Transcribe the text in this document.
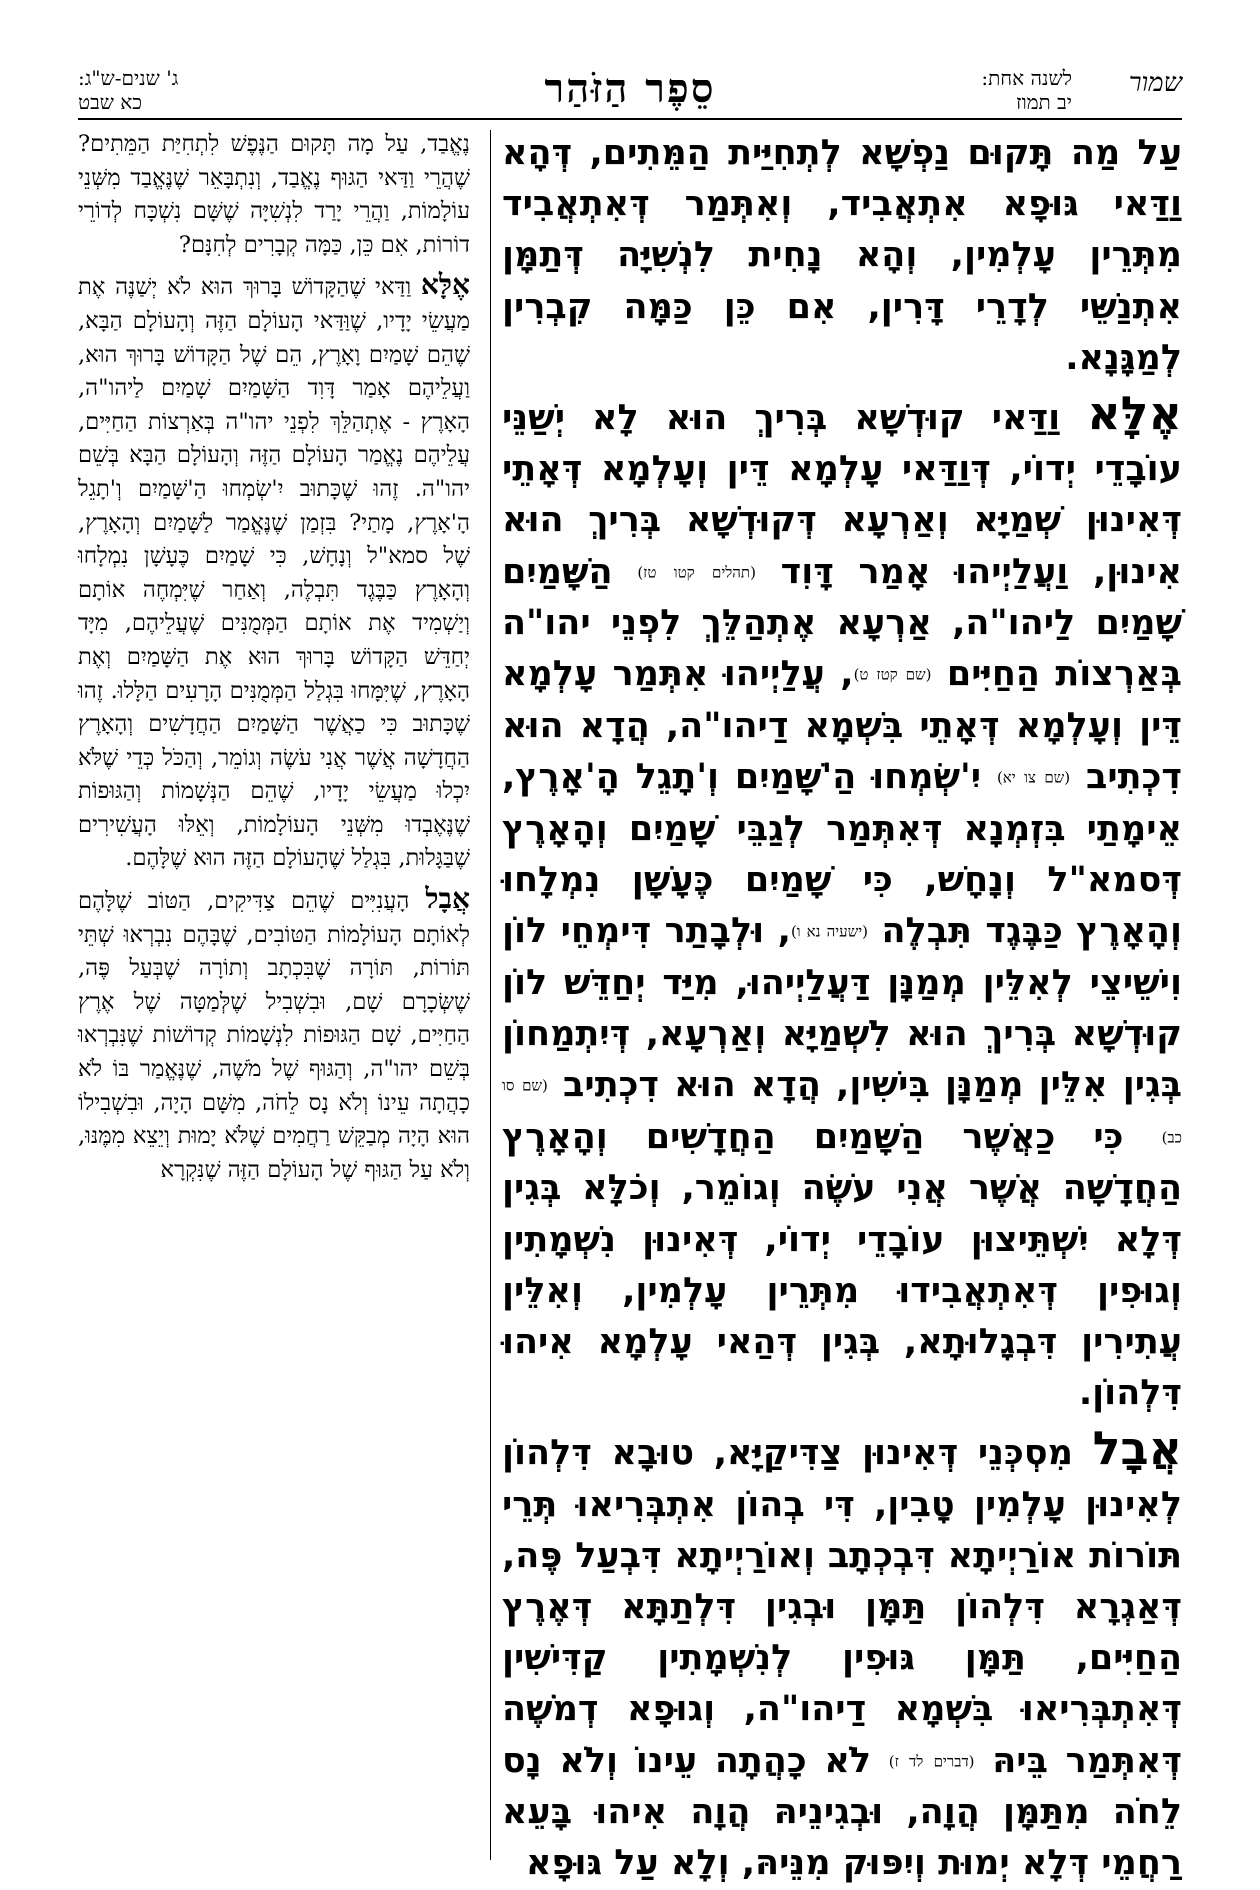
שמור
לשנה אחת:
יב תמוז
סֵפֶר הַזֹּהַר
ג' שנים-ש"ג:
כא שבט

עַל מַה תָּקוּם נַפְשָׁא לְתְחִיַּית הַמֵּתִים, דְּהָא וַדַּאי גּוּפָא אִתְאֲבִיד, וְאִתְּמַר דְּאִתְאֲבִיד מִתְּרֵין עָלְמִין, וְהָא נָחִית לִנְשִׁיָּה דְּתַמָּן אִתְנַשֵּׁי לְדָרֵי דָּרִין, אִם כֵּן כַּמָּה קִבְרִין לְמַגָּנָא.

אֶלָּא וַדַּאי קוּדְשָׁא בְּרִיךְ הוּא לָא יְשַׁנֵּי עוֹבָדֵי יְדוֹי, דְּוַדַּאי עָלְמָא דֵּין וְעָלְמָא דְּאָתֵי דְּאִינוּן שְׁמַיָּא וְאַרְעָא דְּקוּדְשָׁא בְּרִיךְ הוּא אִינוּן, וַעֲלַיְיהוּ אָמַר דָּוִד (תהלים קטו טז) הַשָּׁמַיִם שָׁמַיִם לַיהו"ה, אַרְעָא אֶתְהַלֵּךְ לִפְנֵי יהו"ה בְּאַרְצוֹת הַחַיִּים (שם קטז ט), עֲלַיְיהוּ אִתְּמַר עָלְמָא דֵּין וְעָלְמָא דְּאָתֵי בִּשְׁמָא דַיהו"ה, הֲדָא הוּא דִכְתִיב (שם צו יא) יִ'שְׂמְחוּ הַ'שָּׁמַיִם וְ'תָגֵל הָ'אָרֶץ, אֵימָתַי בִּזְמְנָא דְּאִתְּמַר לְגַבֵּי שָׁמַיִם וְהָאָרֶץ דְּסמא"ל וְנָחָשׁ, כִּי שָׁמַיִם כֶּעָשָׁן נִמְלָחוּ וְהָאָרֶץ כַּבֶּגֶד תִּבְלֶה (ישעיה נא ו), וּלְבָתַר דִּימְחֵי לוֹן וִישֵׁיצֵי לְאִלֵּין מְמַנָּן דַּעֲלַיְיהוּ, מִיַּד יְחַדֵּשׁ לוֹן קוּדְשָׁא בְּרִיךְ הוּא לִשְׁמַיָּא וְאַרְעָא, דְּיִתְמַחוֹן בְּגִין אִלֵּין מְמַנָּן בִּישִׁין, הֲדָא הוּא דִכְתִיב (שם סו כב) כִּי כַאֲשֶׁר הַשָּׁמַיִם הַחֲדָשִׁים וְהָאָרֶץ הַחֲדָשָׁה אֲשֶׁר אֲנִי עֹשֶׂה וְגוֹמֵר, וְכֹלָּא בְּגִין דְּלָא יִשְׁתֵּיצוּן עוֹבָדֵי יְדוֹי, דְּאִינוּן נִשְׁמָתִין וְגוּפִין דְּאִתְאֲבִידוּ מִתְּרֵין עָלְמִין, וְאִלֵּין עֲתִירִין דִּבְגָלוּתָא, בְּגִין דְּהַאי עָלְמָא אִיהוּ דִּלְהוֹן.

אֲבָל מִסְכְּנֵי דְּאִינוּן צַדִּיקַיָּא, טוּבָא דִּלְהוֹן לְאִינוּן עָלְמִין טָבִין, דִּי בְהוֹן אִתְבְּרִיאוּ תְּרֵי תּוֹרוֹת אוֹרַיְיתָא דִּבְכְתָב וְאוֹרַיְיתָא דִּבְעַל פֶּה, דְּאַגְרָא דִּלְהוֹן תַּמָּן וּבְגִין דִּלְתַתָּא דְּאֶרֶץ הַחַיִּים, תַּמָּן גּוּפִין לְנִשְׁמָתִין קַדִּישִׁין דְּאִתְבְּרִיאוּ בִּשְׁמָא דַיהו"ה, וְגוּפָא דְמֹשֶׁה דְּאִתְּמַר בֵּיהּ (דברים לד ז) לֹא כָהֲתָה עֵינוֹ וְלֹא נָס לֵחֹה מִתַּמָּן הֲוָה, וּבְגִינֵיהּ הֲוָה אִיהוּ בָּעֵא רַחֲמֵי דְּלָא יְמוּת וְיִפּוּק מִנֵּיהּ, וְלָא עַל גּוּפָא

נֶאֱבַד, עַל מָה תָּקוּם הַנֶּפֶשׁ לִתְחִיַּת הַמֵּתִים? שֶׁהֲרֵי וַדַּאי הַגּוּף נֶאֱבַד, וְנִתְבָּאֵר שֶׁנֶּאֱבַד מִשְּׁנֵי עוֹלָמוֹת, וַהֲרֵי יָרַד לִנְשִׁיָּה שֶׁשָּׁם נִשְׁכָּח לְדוֹרֵי דוֹרוֹת, אִם כֵּן, כַּמָּה קְבָרִים לְחִנָּם?

אֶלָּא וַדַּאי שֶׁהַקָּדוֹשׁ בָּרוּךְ הוּא לֹא יְשַׁנֶּה אֶת מַעֲשֵׂי יָדָיו, שֶׁוַּדַּאי הָעוֹלָם הַזֶּה וְהָעוֹלָם הַבָּא, שֶׁהֵם שָׁמַיִם וָאָרֶץ, הֵם שֶׁל הַקָּדוֹשׁ בָּרוּךְ הוּא, וַעֲלֵיהֶם אָמַר דָּוִד הַשָּׁמַיִם שָׁמַיִם לַיהו"ה, הָאָרֶץ - אֶתְהַלֵּךְ לִפְנֵי יהו"ה בְּאַרְצוֹת הַחַיִּים, עֲלֵיהֶם נֶאֱמַר הָעוֹלָם הַזֶּה וְהָעוֹלָם הַבָּא בְּשֵׁם יהו"ה. זֶהוּ שֶׁכָּתוּב יִ'שְׂמְחוּ הַ'שָּׁמַיִם וְ'תָגֵל הָ'אָרֶץ, מָתַי? בִּזְמַן שֶׁנֶּאֱמַר לַשָּׁמַיִם וְהָאָרֶץ, שֶׁל סמא"ל וְנָחָשׁ, כִּי שָׁמַיִם כֶּעָשָׁן נִמְלָחוּ וְהָאָרֶץ כַּבֶּגֶד תִּבְלֶה, וְאַחַר שֶׁיִּמְחֶה אוֹתָם וְיַשְׁמִיד אֶת אוֹתָם הַמְּמֻנִּים שֶׁעֲלֵיהֶם, מִיָּד יְחַדֵּשׁ הַקָּדוֹשׁ בָּרוּךְ הוּא אֶת הַשָּׁמַיִם וְאֶת הָאָרֶץ, שֶׁיִּמָּחוּ בִּגְלַל הַמְּמֻנִּים הָרָעִים הַלָּלוּ. זֶהוּ שֶׁכָּתוּב כִּי כַאֲשֶׁר הַשָּׁמַיִם הַחֲדָשִׁים וְהָאָרֶץ הַחֲדָשָׁה אֲשֶׁר אֲנִי עֹשֶׂה וְגוֹמֵר, וְהַכֹּל כְּדֵי שֶׁלֹּא יִכְלוּ מַעֲשֵׂי יָדָיו, שֶׁהֵם הַנְּשָׁמוֹת וְהַגּוּפוֹת שֶׁנֶּאֶבְדוּ מִשְּׁנֵי הָעוֹלָמוֹת, וְאֵלּוּ הָעֲשִׁירִים שֶׁבַּגָּלוּת, בִּגְלַל שֶׁהָעוֹלָם הַזֶּה הוּא שֶׁלָּהֶם.

אֲבָל הָעֲנִיִּים שֶׁהֵם צַדִּיקִים, הַטּוֹב שֶׁלָּהֶם לְאוֹתָם הָעוֹלָמוֹת הַטּוֹבִים, שֶׁבָּהֶם נִבְרְאוּ שְׁתֵּי תּוֹרוֹת, תּוֹרָה שֶׁבִּכְתָב וְתוֹרָה שֶׁבְּעַל פֶּה, שֶׁשְּׂכָרָם שָׁם, וּבִשְׁבִיל שֶׁלְּמַטָּה שֶׁל אֶרֶץ הַחַיִּים, שָׁם הַגּוּפוֹת לִנְשָׁמוֹת קְדוֹשׁוֹת שֶׁנִּבְרְאוּ בְּשֵׁם יהו"ה, וְהַגּוּף שֶׁל מֹשֶׁה, שֶׁנֶּאֱמַר בּוֹ לֹא כָהֲתָה עֵינוֹ וְלֹא נָס לֵחֹה, מִשָּׁם הָיָה, וּבִשְׁבִילוֹ הוּא הָיָה מְבַקֵּשׁ רַחֲמִים שֶׁלֹּא יָמוּת וְיֵצֵא מִמֶּנּוּ, וְלֹא עַל הַגּוּף שֶׁל הָעוֹלָם הַזֶּה שֶׁנִּקְרָא
